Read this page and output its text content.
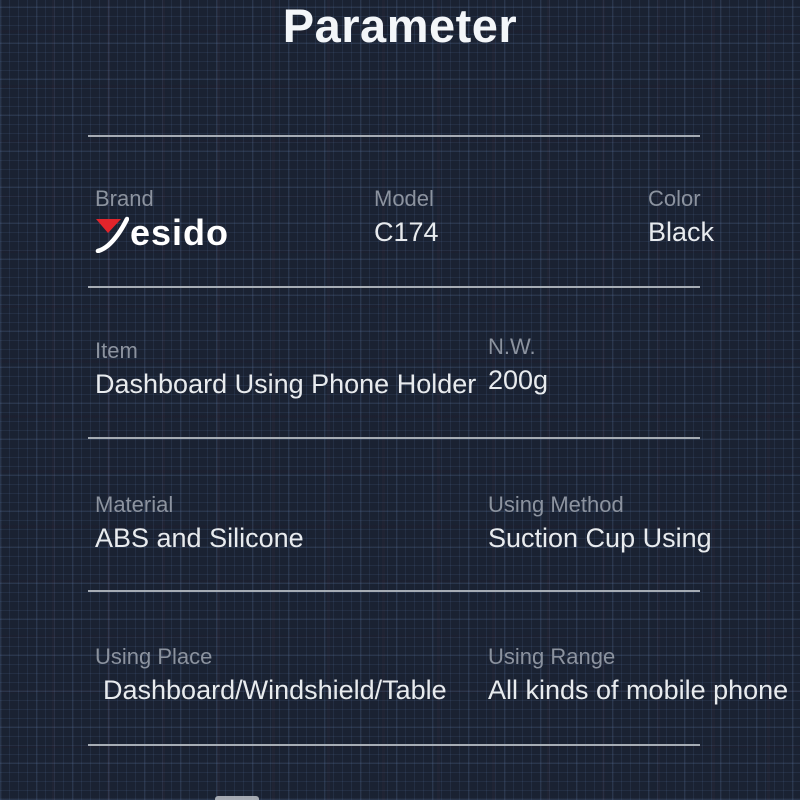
Parameter
Brand
esido
Model
C174
Color
Black
Item
Dashboard Using Phone Holder
N.W.
200g
Material
ABS and Silicone
Using Method
Suction Cup Using
Using Place
Dashboard/Windshield/Table
Using Range
All kinds of mobile phone
